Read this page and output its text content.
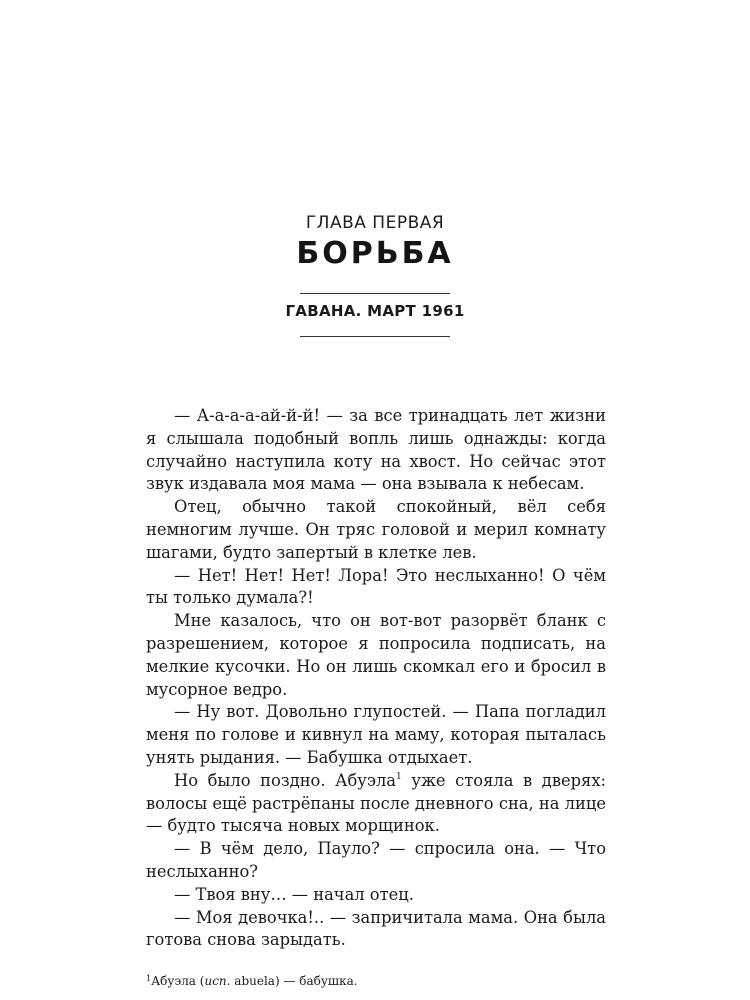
ГЛАВА ПЕРВАЯ
БОРЬБА
ГАВАНА. МАРТ 1961

— А-а-а-а-ай-й-й! — за все тринадцать лет жизни я слышала подобный вопль лишь однажды: когда случайно наступила коту на хвост. Но сейчас этот звук издавала моя мама — она взывала к небесам.

Отец, обычно такой спокойный, вёл себя немногим лучше. Он тряс головой и мерил комнату шагами, будто запертый в клетке лев.

— Нет! Нет! Нет! Лора! Это неслыханно! О чём ты только думала?!

Мне казалось, что он вот-вот разорвёт бланк с разрешением, которое я попросила подписать, на мелкие кусочки. Но он лишь скомкал его и бросил в мусорное ведро.

— Ну вот. Довольно глупостей. — Папа погладил меня по голове и кивнул на маму, которая пыталась унять рыдания. — Бабушка отдыхает.

Но было поздно. Абуэла$^1$ уже стояла в дверях: волосы ещё растрёпаны после дневного сна, на лице — будто тысяча новых морщинок.

— В чём дело, Пауло? — спросила она. — Что неслыханно?

— Твоя вну… — начал отец.

— Моя девочка!.. — запричитала мама. Она была готова снова зарыдать.

$^1$Абуэла (исп. abuela) — бабушка.
